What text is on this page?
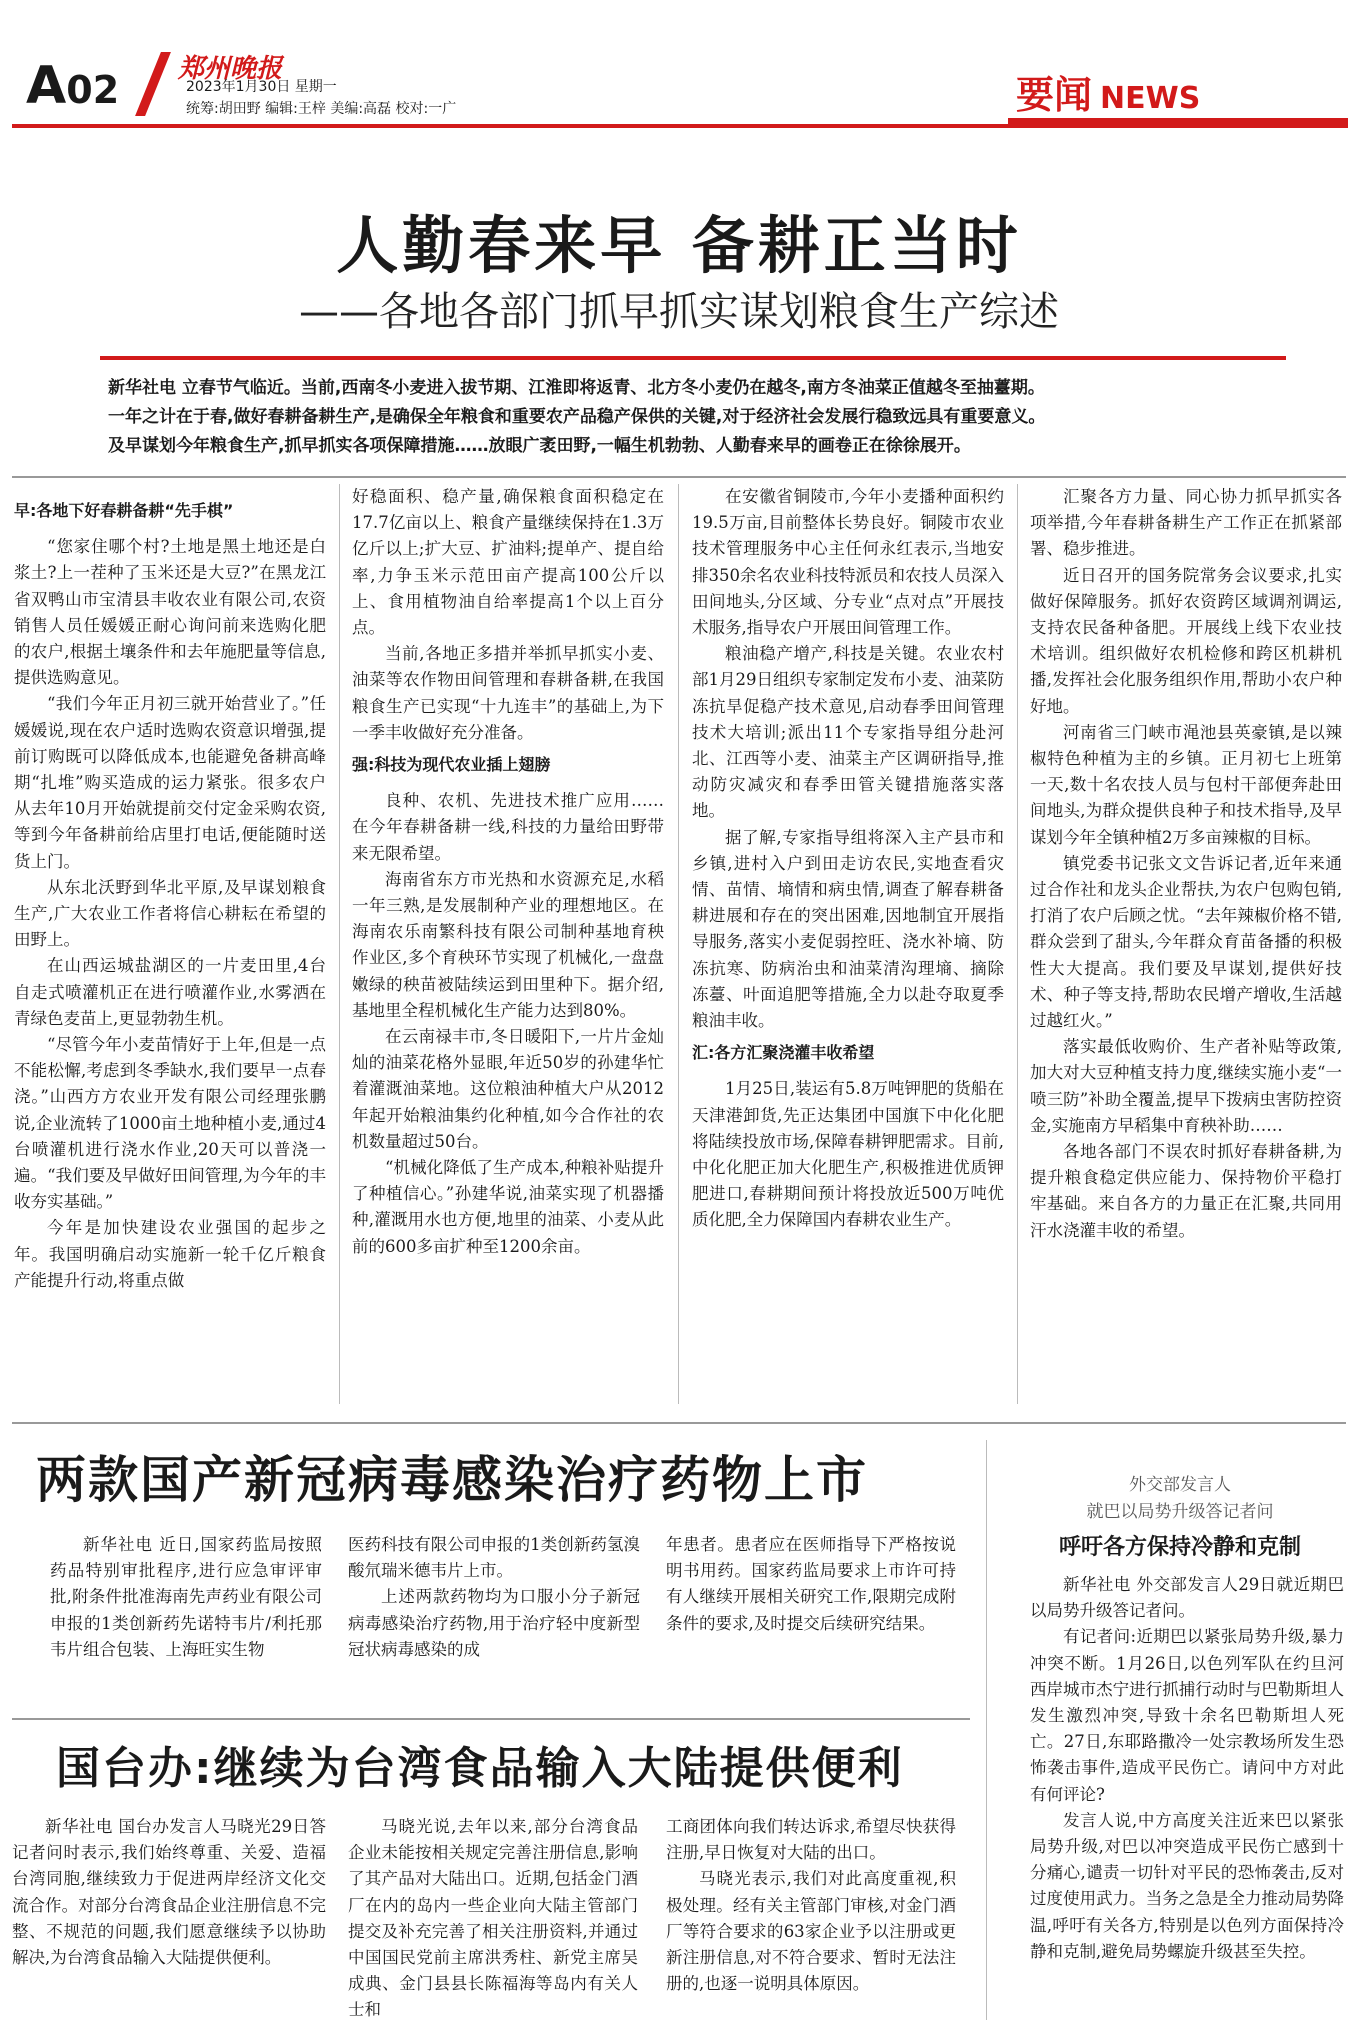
A02 郑州晚报
2023年1月30日 星期一
统筹:胡田野 编辑:王梓 美编:高磊 校对:一广	要闻 NEWS
人勤春来早 备耕正当时
——各地各部门抓早抓实谋划粮食生产综述
新华社电 立春节气临近。当前,西南冬小麦进入拔节期、江淮即将返青、北方冬小麦仍在越冬,南方冬油菜正值越冬至抽薹期。
一年之计在于春,做好春耕备耕生产,是确保全年粮食和重要农产品稳产保供的关键,对于经济社会发展行稳致远具有重要意义。
及早谋划今年粮食生产,抓早抓实各项保障措施……放眼广袤田野,一幅生机勃勃、人勤春来早的画卷正在徐徐展开。

早:各地下好春耕备耕“先手棋”

“您家住哪个村?土地是黑土地还是白浆土?上一茬种了玉米还是大豆?”在黑龙江省双鸭山市宝清县丰收农业有限公司,农资销售人员任媛媛正耐心询问前来选购化肥的农户,根据土壤条件和去年施肥量等信息,提供选购意见。

“我们今年正月初三就开始营业了。”任媛媛说,现在农户适时选购农资意识增强,提前订购既可以降低成本,也能避免备耕高峰期“扎堆”购买造成的运力紧张。很多农户从去年10月开始就提前交付定金采购农资,等到今年备耕前给店里打电话,便能随时送货上门。

从东北沃野到华北平原,及早谋划粮食生产,广大农业工作者将信心耕耘在希望的田野上。

在山西运城盐湖区的一片麦田里,4台自走式喷灌机正在进行喷灌作业,水雾洒在青绿色麦苗上,更显勃勃生机。

“尽管今年小麦苗情好于上年,但是一点不能松懈,考虑到冬季缺水,我们要早一点春浇。”山西方方农业开发有限公司经理张鹏说,企业流转了1000亩土地种植小麦,通过4台喷灌机进行浇水作业,20天可以普浇一遍。“我们要及早做好田间管理,为今年的丰收夯实基础。”

今年是加快建设农业强国的起步之年。我国明确启动实施新一轮千亿斤粮食产能提升行动,将重点做

好稳面积、稳产量,确保粮食面积稳定在17.7亿亩以上、粮食产量继续保持在1.3万亿斤以上;扩大豆、扩油料;提单产、提自给率,力争玉米示范田亩产提高100公斤以上、食用植物油自给率提高1个以上百分点。

当前,各地正多措并举抓早抓实小麦、油菜等农作物田间管理和春耕备耕,在我国粮食生产已实现“十九连丰”的基础上,为下一季丰收做好充分准备。

强:科技为现代农业插上翅膀

良种、农机、先进技术推广应用……在今年春耕备耕一线,科技的力量给田野带来无限希望。

海南省东方市光热和水资源充足,水稻一年三熟,是发展制种产业的理想地区。在海南农乐南繁科技有限公司制种基地育秧作业区,多个育秧环节实现了机械化,一盘盘嫩绿的秧苗被陆续运到田里种下。据介绍,基地里全程机械化生产能力达到80%。

在云南禄丰市,冬日暖阳下,一片片金灿灿的油菜花格外显眼,年近50岁的孙建华忙着灌溉油菜地。这位粮油种植大户从2012年起开始粮油集约化种植,如今合作社的农机数量超过50台。

“机械化降低了生产成本,种粮补贴提升了种植信心。”孙建华说,油菜实现了机器播种,灌溉用水也方便,地里的油菜、小麦从此前的600多亩扩种至1200余亩。

在安徽省铜陵市,今年小麦播种面积约19.5万亩,目前整体长势良好。铜陵市农业技术管理服务中心主任何永红表示,当地安排350余名农业科技特派员和农技人员深入田间地头,分区域、分专业“点对点”开展技术服务,指导农户开展田间管理工作。

粮油稳产增产,科技是关键。农业农村部1月29日组织专家制定发布小麦、油菜防冻抗旱促稳产技术意见,启动春季田间管理技术大培训;派出11个专家指导组分赴河北、江西等小麦、油菜主产区调研指导,推动防灾减灾和春季田管关键措施落实落地。

据了解,专家指导组将深入主产县市和乡镇,进村入户到田走访农民,实地查看灾情、苗情、墒情和病虫情,调查了解春耕备耕进展和存在的突出困难,因地制宜开展指导服务,落实小麦促弱控旺、浇水补墒、防冻抗寒、防病治虫和油菜清沟理墒、摘除冻薹、叶面追肥等措施,全力以赴夺取夏季粮油丰收。

汇:各方汇聚浇灌丰收希望

1月25日,装运有5.8万吨钾肥的货船在天津港卸货,先正达集团中国旗下中化化肥将陆续投放市场,保障春耕钾肥需求。目前,中化化肥正加大化肥生产,积极推进优质钾肥进口,春耕期间预计将投放近500万吨优质化肥,全力保障国内春耕农业生产。

汇聚各方力量、同心协力抓早抓实各项举措,今年春耕备耕生产工作正在抓紧部署、稳步推进。

近日召开的国务院常务会议要求,扎实做好保障服务。抓好农资跨区域调剂调运,支持农民备种备肥。开展线上线下农业技术培训。组织做好农机检修和跨区机耕机播,发挥社会化服务组织作用,帮助小农户种好地。

河南省三门峡市渑池县英豪镇,是以辣椒特色种植为主的乡镇。正月初七上班第一天,数十名农技人员与包村干部便奔赴田间地头,为群众提供良种子和技术指导,及早谋划今年全镇种植2万多亩辣椒的目标。

镇党委书记张文文告诉记者,近年来通过合作社和龙头企业帮扶,为农户包购包销,打消了农户后顾之忧。“去年辣椒价格不错,群众尝到了甜头,今年群众育苗备播的积极性大大提高。我们要及早谋划,提供好技术、种子等支持,帮助农民增产增收,生活越过越红火。”

落实最低收购价、生产者补贴等政策,加大对大豆种植支持力度,继续实施小麦“一喷三防”补助全覆盖,提早下拨病虫害防控资金,实施南方早稻集中育秧补助……

各地各部门不误农时抓好春耕备耕,为提升粮食稳定供应能力、保持物价平稳打牢基础。来自各方的力量正在汇聚,共同用汗水浇灌丰收的希望。

两款国产新冠病毒感染治疗药物上市

新华社电 近日,国家药监局按照药品特别审批程序,进行应急审评审批,附条件批准海南先声药业有限公司申报的1类创新药先诺特韦片/利托那韦片组合包装、上海旺实生物

医药科技有限公司申报的1类创新药氢溴酸氘瑞米德韦片上市。

上述两款药物均为口服小分子新冠病毒感染治疗药物,用于治疗轻中度新型冠状病毒感染的成

年患者。患者应在医师指导下严格按说明书用药。国家药监局要求上市许可持有人继续开展相关研究工作,限期完成附条件的要求,及时提交后续研究结果。

国台办:继续为台湾食品输入大陆提供便利

新华社电 国台办发言人马晓光29日答记者问时表示,我们始终尊重、关爱、造福台湾同胞,继续致力于促进两岸经济文化交流合作。对部分台湾食品企业注册信息不完整、不规范的问题,我们愿意继续予以协助解决,为台湾食品输入大陆提供便利。

马晓光说,去年以来,部分台湾食品企业未能按相关规定完善注册信息,影响了其产品对大陆出口。近期,包括金门酒厂在内的岛内一些企业向大陆主管部门提交及补充完善了相关注册资料,并通过中国国民党前主席洪秀柱、新党主席吴成典、金门县县长陈福海等岛内有关人士和

工商团体向我们转达诉求,希望尽快获得注册,早日恢复对大陆的出口。

马晓光表示,我们对此高度重视,积极处理。经有关主管部门审核,对金门酒厂等符合要求的63家企业予以注册或更新注册信息,对不符合要求、暂时无法注册的,也逐一说明具体原因。

外交部发言人
就巴以局势升级答记者问
呼吁各方保持冷静和克制

新华社电 外交部发言人29日就近期巴以局势升级答记者问。

有记者问:近期巴以紧张局势升级,暴力冲突不断。1月26日,以色列军队在约旦河西岸城市杰宁进行抓捕行动时与巴勒斯坦人发生激烈冲突,导致十余名巴勒斯坦人死亡。27日,东耶路撒冷一处宗教场所发生恐怖袭击事件,造成平民伤亡。请问中方对此有何评论?

发言人说,中方高度关注近来巴以紧张局势升级,对巴以冲突造成平民伤亡感到十分痛心,谴责一切针对平民的恐怖袭击,反对过度使用武力。当务之急是全力推动局势降温,呼吁有关各方,特别是以色列方面保持冷静和克制,避免局势螺旋升级甚至失控。
